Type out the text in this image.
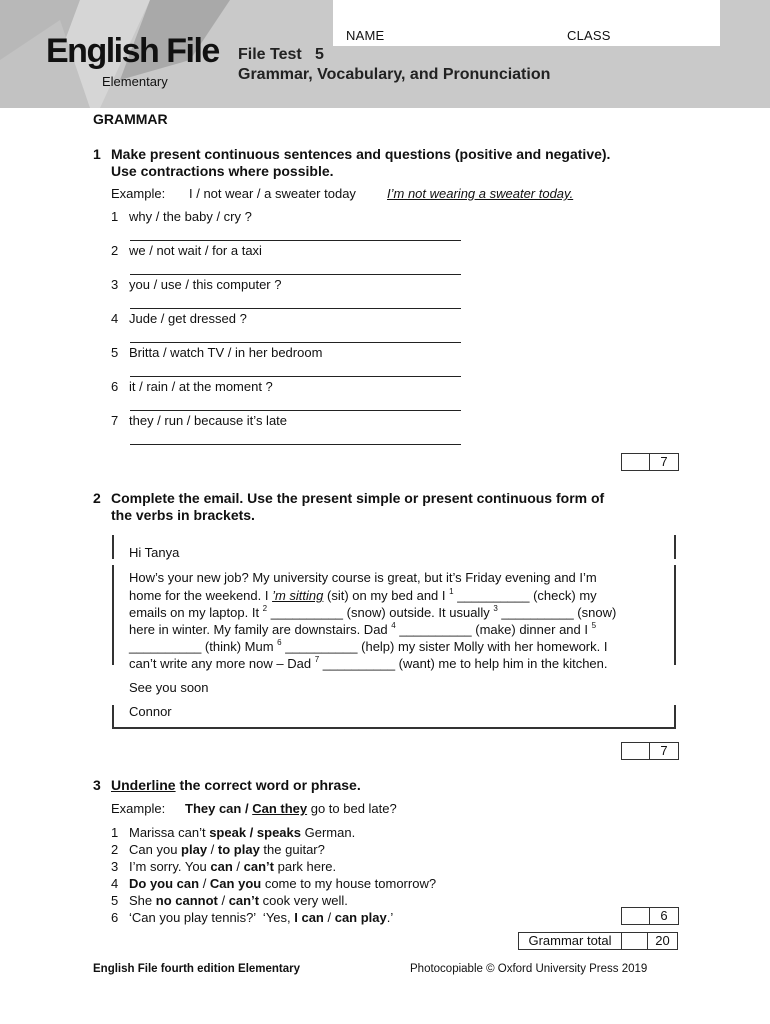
NAME	CLASS
English File
Elementary
File Test   5
Grammar, Vocabulary, and Pronunciation
GRAMMAR
1 Make present continuous sentences and questions (positive and negative).
Use contractions where possible.
Example: I / not wear / a sweater today I’m not wearing a sweater today.
1 why / the baby / cry ?
2 we / not wait / for a taxi
3 you / use / this computer ?
4 Jude / get dressed ?
5 Britta / watch TV / in her bedroom
6 it / rain / at the moment ?
7 they / run / because it’s late
7
2 Complete the email. Use the present simple or present continuous form of
the verbs in brackets.
Hi Tanya
How’s your new job? My university course is great, but it’s Friday evening and I’m
home for the weekend. I ’m sitting (sit) on my bed and I $^1$ __________ (check) my
emails on my laptop. It $^2$ __________ (snow) outside. It usually $^3$ __________ (snow)
here in winter. My family are downstairs. Dad $^4$ __________ (make) dinner and I $^5$
__________ (think) Mum $^6$ __________ (help) my sister Molly with her homework. I
can’t write any more now – Dad $^7$ __________ (want) me to help him in the kitchen.
See you soon
Connor
7
3 Underline the correct word or phrase.
Example: They can / Can they go to bed late?
1 Marissa can’t speak / speaks German.
2 Can you play / to play the guitar?
3 I’m sorry. You can / can’t park here.
4 Do you can / Can you come to my house tomorrow?
5 She no cannot / can’t cook very well.
6 ‘Can you play tennis?’  ‘Yes, I can / can play.’	6
Grammar total	20
English File fourth edition Elementary	Photocopiable © Oxford University Press 2019
